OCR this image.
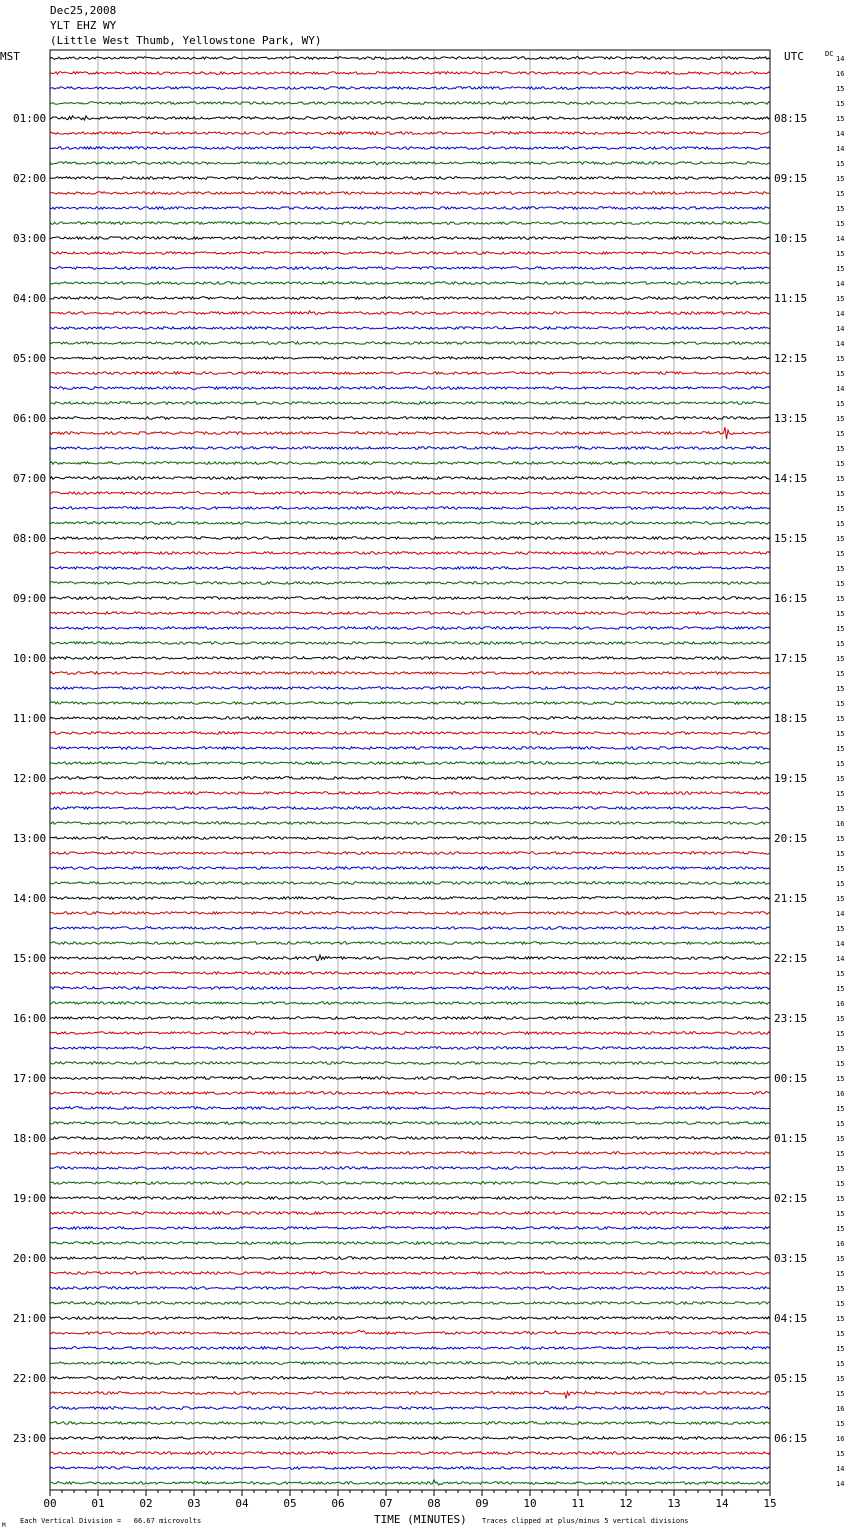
Dec25,2008
YLT EHZ WY
(Little West Thumb, Yellowstone Park, WY)
MST	UTC	DC
14
16
15
15
15
14
14
15
15
15
15
15
14
15
15
14
15
14
14
14
15
15
14
15
15
15
15
15
15
15
15
15
15
15
15
15
15
15
15
15
15
15
15
15
15
15
15
15
15
15
15
16
15
15
15
15
15
14
15
14
14
15
15
16
15
15
15
15
15
16
15
15
15
15
15
15
15
15
15
16
15
15
15
15
15
15
15
15
15
15
16
15
16
15
14
14
01:00
02:00
03:00
04:00
05:00
06:00
07:00
08:00
09:00
10:00
11:00
12:00
13:00
14:00
15:00
16:00
17:00
18:00
19:00
20:00
21:00
22:00
23:00
08:15
09:15
10:15
11:15
12:15
13:15
14:15
15:15
16:15
17:15
18:15
19:15
20:15
21:15
22:15
23:15
00:15
01:15
02:15
03:15
04:15
05:15
06:15
00	01	02	03	04	05	06	07	08	09	10	11	12	13	14	15
TIME (MINUTES)
M
Each Vertical Division =   66.67 microvolts	Traces clipped at plus/minus 5 vertical divisions
